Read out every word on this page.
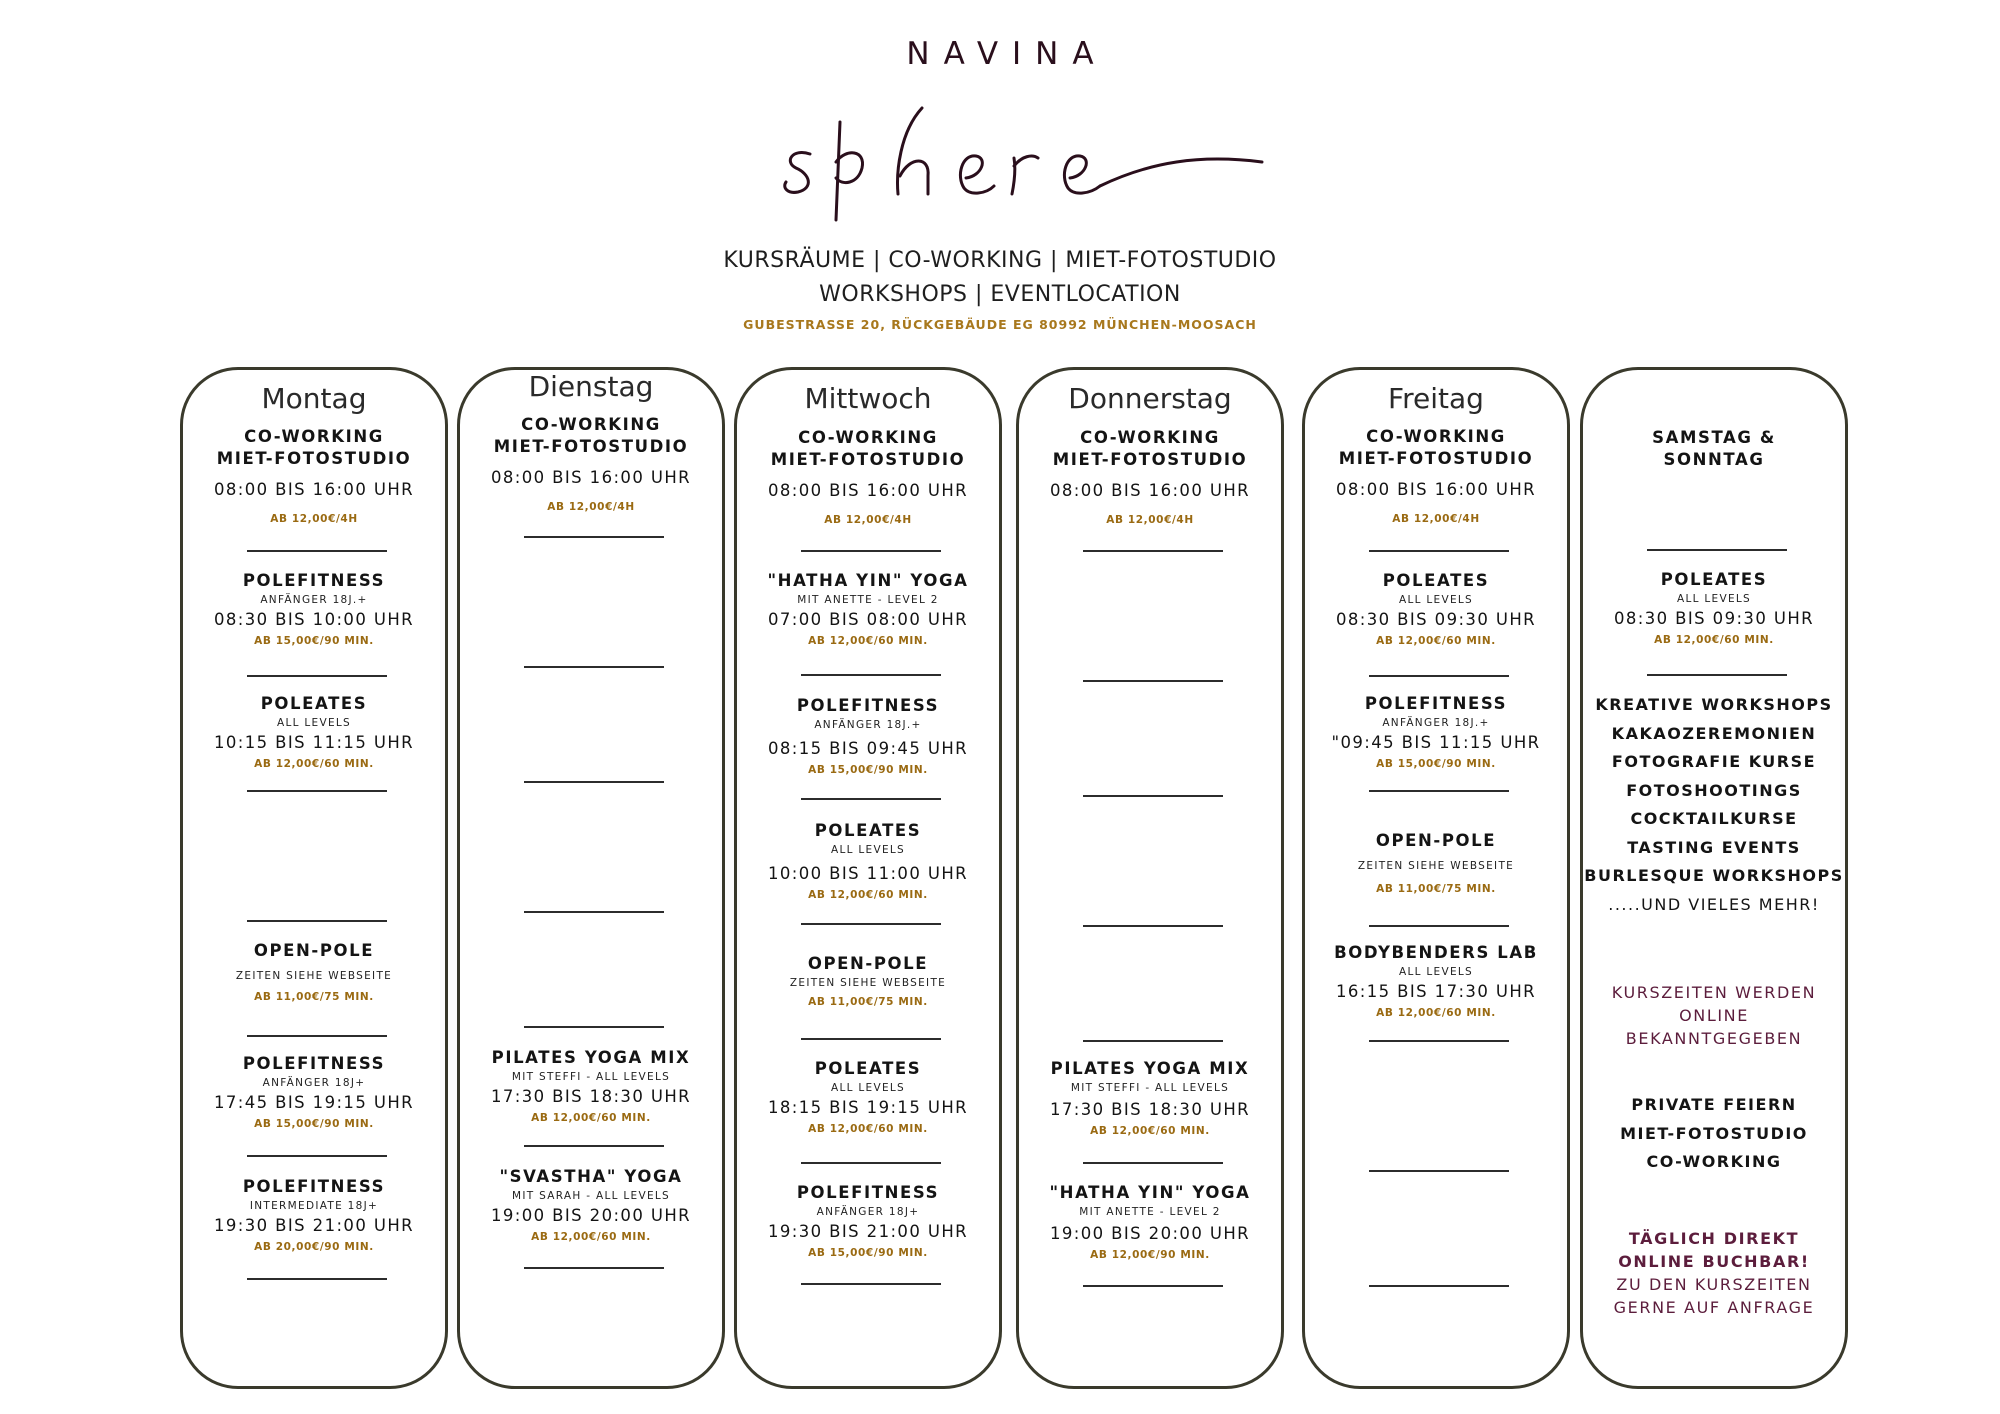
NAVINA
KURSRÄUME | CO-WORKING | MIET-FOTOSTUDIO
WORKSHOPS | EVENTLOCATION
GUBESTRASSE 20, RÜCKGEBÄUDE EG 80992 MÜNCHEN-MOOSACH
Montag
CO-WORKING
MIET-FOTOSTUDIO
08:00 BIS 16:00 UHR
AB 12,00€/4H
POLEFITNESS
ANFÄNGER 18J.+
08:30 BIS 10:00 UHR
AB 15,00€/90 MIN.
POLEATES
ALL LEVELS
10:15 BIS 11:15 UHR
AB 12,00€/60 MIN.
OPEN-POLE
ZEITEN SIEHE WEBSEITE
AB 11,00€/75 MIN.
POLEFITNESS
ANFÄNGER 18J+
17:45 BIS 19:15 UHR
AB 15,00€/90 MIN.
POLEFITNESS
INTERMEDIATE 18J+
19:30 BIS 21:00 UHR
AB 20,00€/90 MIN.
Dienstag
CO-WORKING
MIET-FOTOSTUDIO
08:00 BIS 16:00 UHR
AB 12,00€/4H
PILATES YOGA MIX
MIT STEFFI - ALL LEVELS
17:30 BIS 18:30 UHR
AB 12,00€/60 MIN.
"SVASTHA" YOGA
MIT SARAH - ALL LEVELS
19:00 BIS 20:00 UHR
AB 12,00€/60 MIN.
Mittwoch
CO-WORKING
MIET-FOTOSTUDIO
08:00 BIS 16:00 UHR
AB 12,00€/4H
"HATHA YIN" YOGA
MIT ANETTE - LEVEL 2
07:00 BIS 08:00 UHR
AB 12,00€/60 MIN.
POLEFITNESS
ANFÄNGER 18J.+
08:15 BIS 09:45 UHR
AB 15,00€/90 MIN.
POLEATES
ALL LEVELS
10:00 BIS 11:00 UHR
AB 12,00€/60 MIN.
OPEN-POLE
ZEITEN SIEHE WEBSEITE
AB 11,00€/75 MIN.
POLEATES
ALL LEVELS
18:15 BIS 19:15 UHR
AB 12,00€/60 MIN.
POLEFITNESS
ANFÄNGER 18J+
19:30 BIS 21:00 UHR
AB 15,00€/90 MIN.
Donnerstag
CO-WORKING
MIET-FOTOSTUDIO
08:00 BIS 16:00 UHR
AB 12,00€/4H
PILATES YOGA MIX
MIT STEFFI - ALL LEVELS
17:30 BIS 18:30 UHR
AB 12,00€/60 MIN.
"HATHA YIN" YOGA
MIT ANETTE - LEVEL 2
19:00 BIS 20:00 UHR
AB 12,00€/90 MIN.
Freitag
CO-WORKING
MIET-FOTOSTUDIO
08:00 BIS 16:00 UHR
AB 12,00€/4H
POLEATES
ALL LEVELS
08:30 BIS 09:30 UHR
AB 12,00€/60 MIN.
POLEFITNESS
ANFÄNGER 18J.+
"09:45 BIS 11:15 UHR
AB 15,00€/90 MIN.
OPEN-POLE
ZEITEN SIEHE WEBSEITE
AB 11,00€/75 MIN.
BODYBENDERS LAB
ALL LEVELS
16:15 BIS 17:30 UHR
AB 12,00€/60 MIN.
SAMSTAG &
SONNTAG
POLEATES
ALL LEVELS
08:30 BIS 09:30 UHR
AB 12,00€/60 MIN.
KREATIVE WORKSHOPS
KAKAOZEREMONIEN
FOTOGRAFIE KURSE
FOTOSHOOTINGS
COCKTAILKURSE
TASTING EVENTS
BURLESQUE WORKSHOPS
.....UND VIELES MEHR!
KURSZEITEN WERDEN
ONLINE
BEKANNTGEGEBEN
PRIVATE FEIERN
MIET-FOTOSTUDIO
CO-WORKING
TÄGLICH DIREKT
ONLINE BUCHBAR!
ZU DEN KURSZEITEN
GERNE AUF ANFRAGE
